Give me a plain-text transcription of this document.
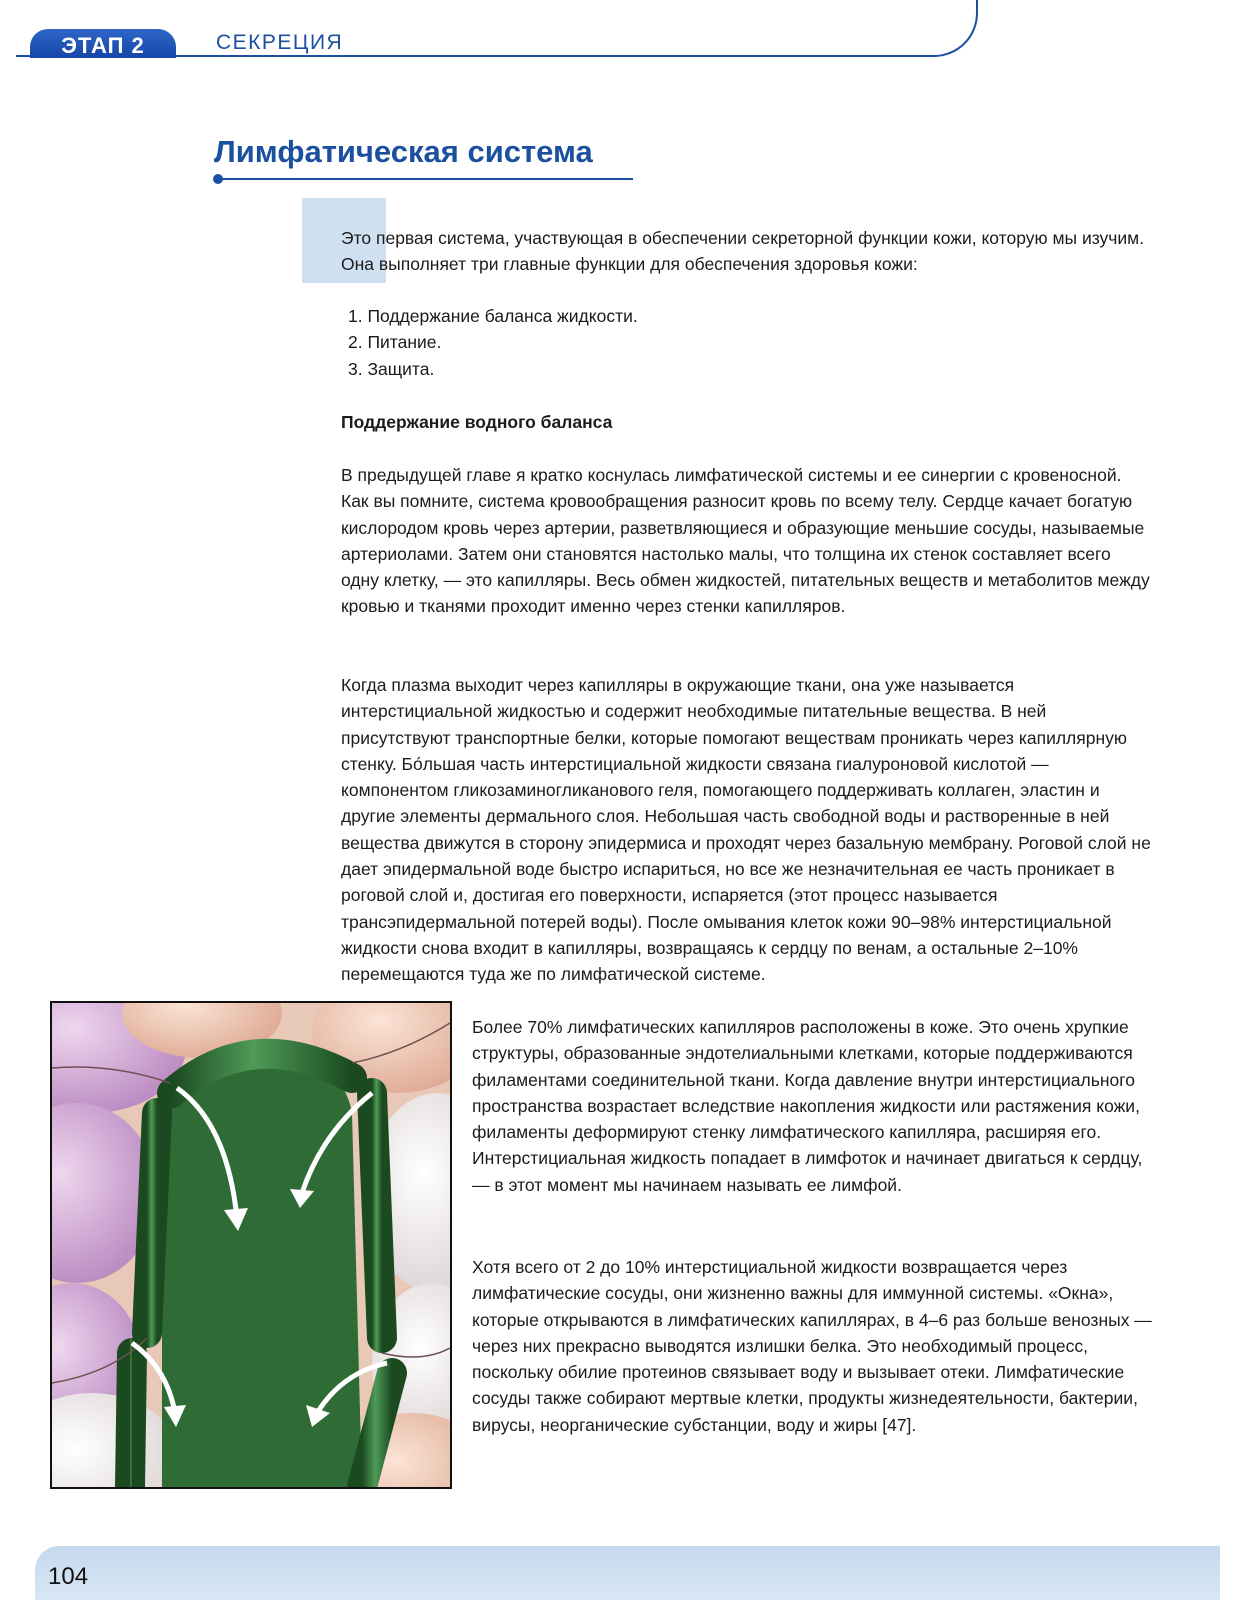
ЭТАП 2	СЕКРЕЦИЯ
Лимфатическая система

Это первая система, участвующая в обеспечении секреторной функции кожи, которую мы изучим. Она выполняет три главные функции для обеспечения здоровья кожи:

1. Поддержание баланса жидкости.
2. Питание.
3. Защита.
Поддержание водного баланса

В предыдущей главе я кратко коснулась лимфатической системы и ее синергии с кровеносной. Как вы помните, система кровообращения разносит кровь по всему телу. Сердце качает богатую кислородом кровь через артерии, разветвляющиеся и образующие меньшие сосуды, называемые артериолами. Затем они становятся настолько малы, что толщина их стенок составляет всего одну клетку, — это капилляры. Весь обмен жидкостей, питательных веществ и метаболитов между кровью и тканями проходит именно через стенки капилляров.

Когда плазма выходит через капилляры в окружающие ткани, она уже называется интерстициальной жидкостью и содержит необходимые питательные вещества. В ней присутствуют транспортные белки, которые помогают веществам проникать через капиллярную стенку. Бо́льшая часть интерстициальной жидкости связана гиалуроновой кислотой — компонентом гликозаминогликанового геля, помогающего поддерживать коллаген, эластин и другие элементы дермального слоя. Небольшая часть свободной воды и растворенные в ней вещества движутся в сторону эпидермиса и проходят через базальную мембрану. Роговой слой не дает эпидермальной воде быстро испариться, но все же незначительная ее часть проникает в роговой слой и, достигая его поверхности, испаряется (этот процесс называется трансэпидермальной потерей воды). После омывания клеток кожи 90–98% интерстициальной жидкости снова входит в капилляры, возвращаясь к сердцу по венам, а остальные 2–10% перемещаются туда же по лимфатической системе.

Более 70% лимфатических капилляров расположены в коже. Это очень хрупкие структуры, образованные эндотелиальными клетками, которые поддерживаются филаментами соединительной ткани. Когда давление внутри интерстициального пространства возрастает вследствие накопления жидкости или растяжения кожи, филаменты деформируют стенку лимфатического капилляра, расширяя его. Интерстициальная жидкость попадает в лимфоток и начинает двигаться к сердцу, — в этот момент мы начинаем называть ее лимфой.

Хотя всего от 2 до 10% интерстициальной жидкости возвращается через лимфатические сосуды, они жизненно важны для иммунной системы. «Окна», которые открываются в лимфатических капиллярах, в 4–6 раз больше венозных — через них прекрасно выводятся излишки белка. Это необходимый процесс, поскольку обилие протеинов связывает воду и вызывает отеки. Лимфатические сосуды также собирают мертвые клетки, продукты жизнедеятельности, бактерии, вирусы, неорганические субстанции, воду и жиры [47].

104
